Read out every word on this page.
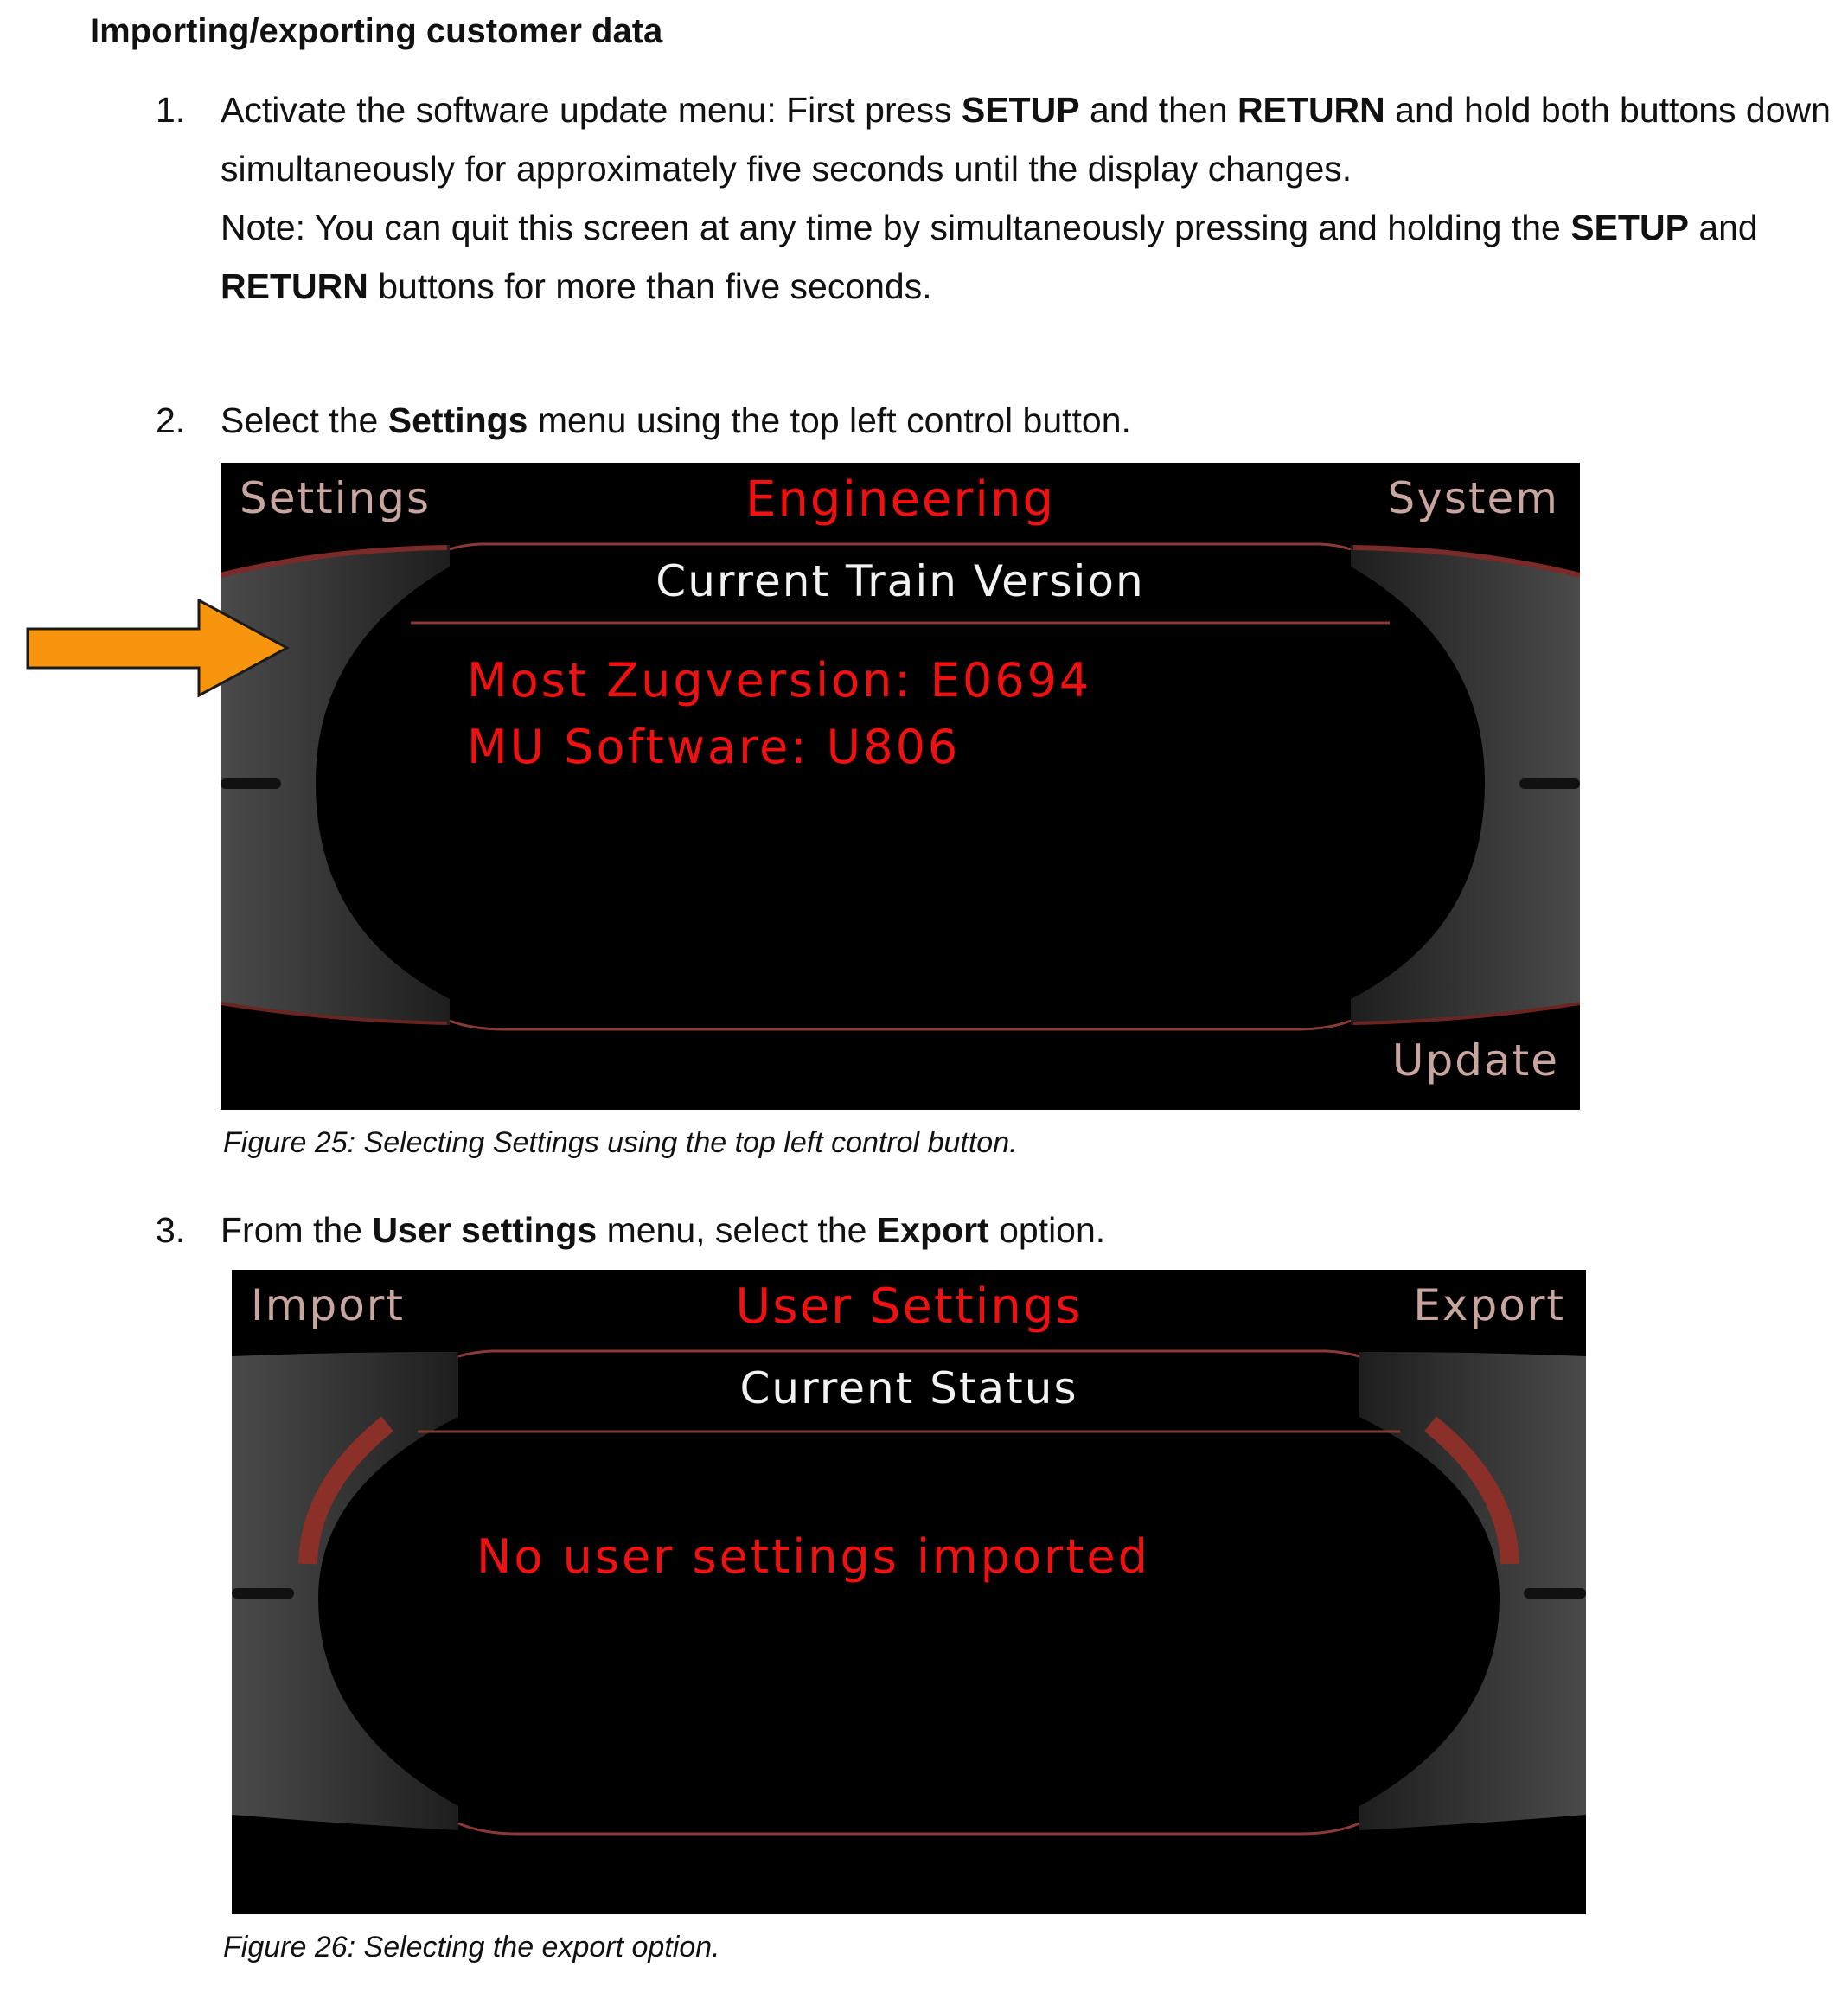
Importing/exporting customer data
1. Activate the software update menu: First press SETUP and then RETURN and hold both buttons down simultaneously for approximately five seconds until the display changes.
Note: You can quit this screen at any time by simultaneously pressing and holding the SETUP and RETURN buttons for more than five seconds.
2. Select the Settings menu using the top left control button.
Settings	Engineering	System
Current Train Version
Most Zugversion: E0694
MU Software: U806
Update
Figure 25: Selecting Settings using the top left control button.
3. From the User settings menu, select the Export option.
Import	User Settings	Export
Current Status
No user settings imported
Figure 26: Selecting the export option.
